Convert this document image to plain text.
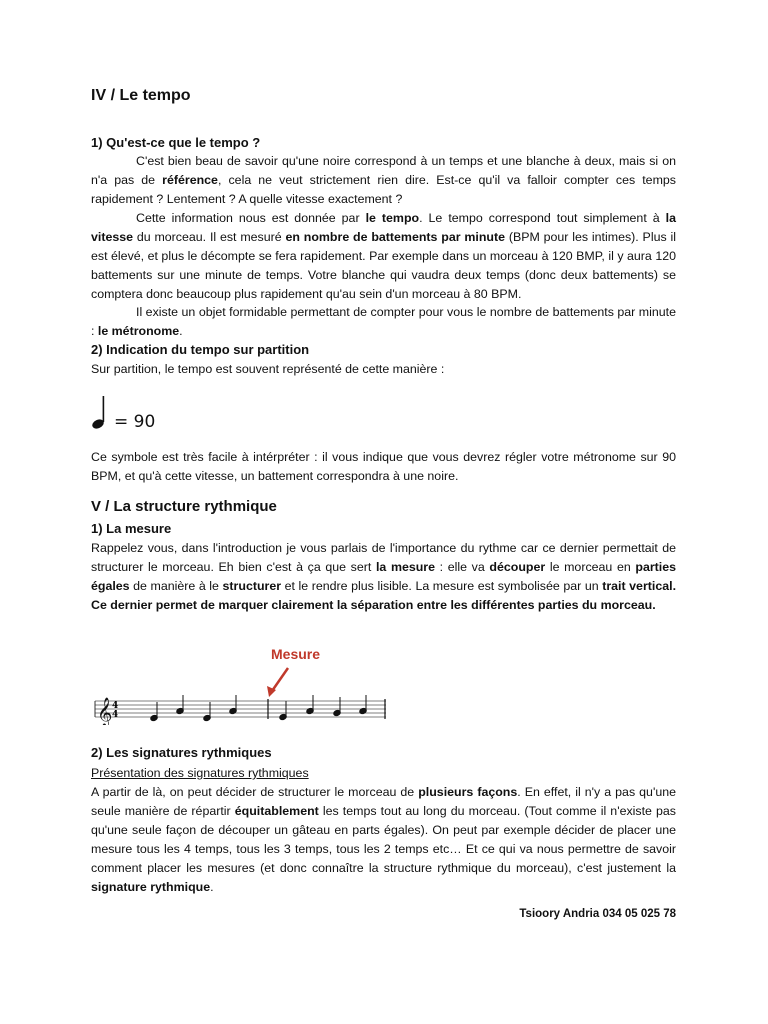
IV / Le tempo
1) Qu'est-ce que le tempo ?
C'est bien beau de savoir qu'une noire correspond à un temps et une blanche à deux, mais si on n'a pas de référence, cela ne veut strictement rien dire. Est-ce qu'il va falloir compter ces temps rapidement ? Lentement ? A quelle vitesse exactement ?
Cette information nous est donnée par le tempo. Le tempo correspond tout simplement à la vitesse du morceau. Il est mesuré en nombre de battements par minute (BPM pour les intimes). Plus il est élevé, et plus le décompte se fera rapidement. Par exemple dans un morceau à 120 BMP, il y aura 120 battements sur une minute de temps. Votre blanche qui vaudra deux temps (donc deux battements) se comptera donc beaucoup plus rapidement qu'au sein d'un morceau à 80 BPM.
Il existe un objet formidable permettant de compter pour vous le nombre de battements par minute : le métronome.
2) Indication du tempo sur partition
Sur partition, le tempo est souvent représenté de cette manière :
= 90
Ce symbole est très facile à intérpréter : il vous indique que vous devrez régler votre métronome sur 90 BPM, et qu'à cette vitesse, un battement correspondra à une noire.
V / La structure rythmique
1) La mesure
Rappelez vous, dans l'introduction je vous parlais de l'importance du rythme car ce dernier permettait de structurer le morceau. Eh bien c'est à ça que sert la mesure : elle va découper le morceau en parties égales de manière à le structurer et le rendre plus lisible. La mesure est symbolisée par un trait vertical. Ce dernier permet de marquer clairement la séparation entre les différentes parties du morceau.
Mesure
𝄞 4
4
2) Les signatures rythmiques
Présentation des signatures rythmiques
A partir de là, on peut décider de structurer le morceau de plusieurs façons. En effet, il n'y a pas qu'une seule manière de répartir équitablement les temps tout au long du morceau. (Tout comme il n'existe pas qu'une seule façon de découper un gâteau en parts égales). On peut par exemple décider de placer une mesure tous les 4 temps, tous les 3 temps, tous les 2 temps etc… Et ce qui va nous permettre de savoir comment placer les mesures (et donc connaître la structure rythmique du morceau), c'est justement la signature rythmique.
Tsioory Andria 034 05 025 78
